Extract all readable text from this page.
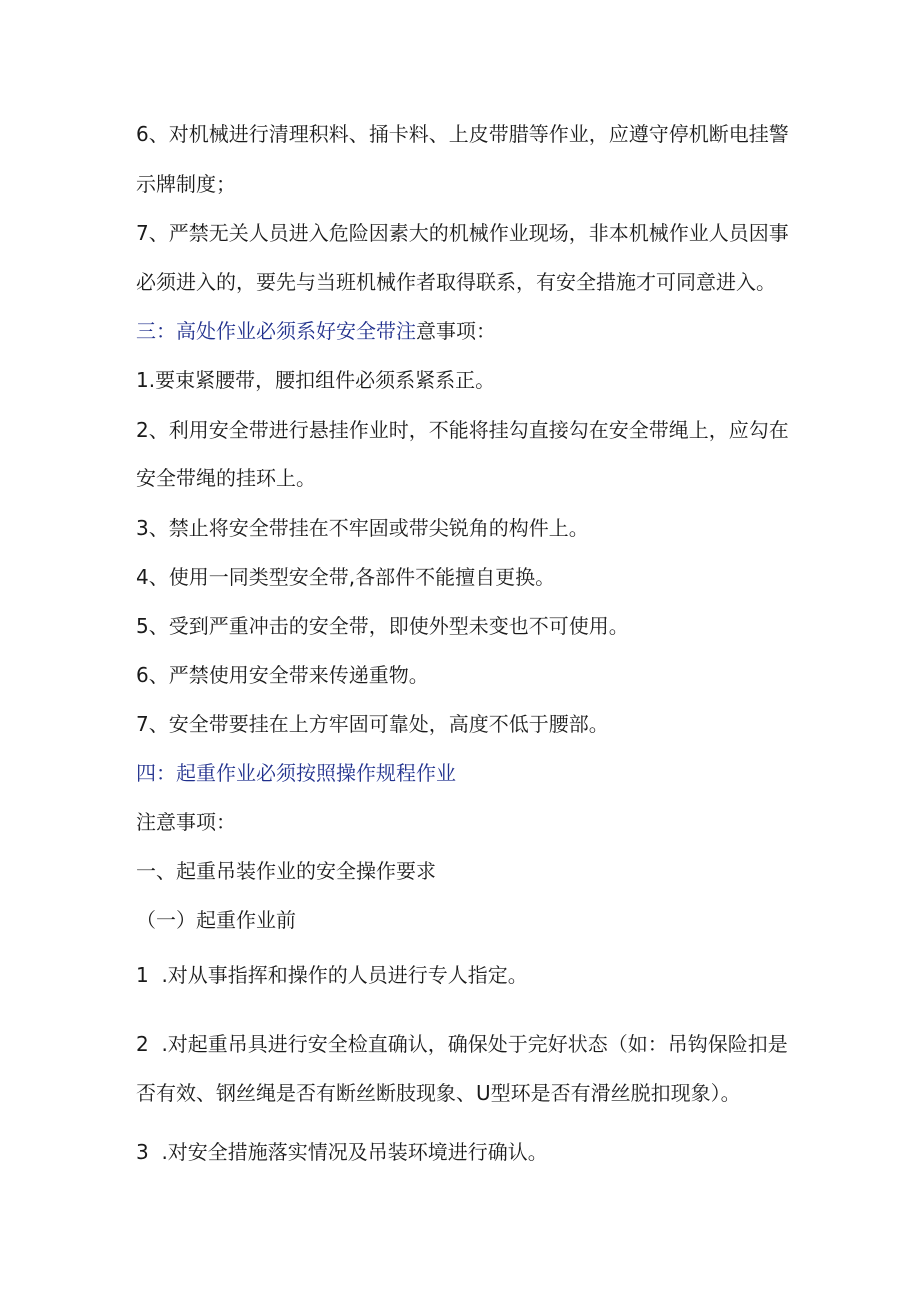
6、对机械进行清理积料、捅卡料、上皮带腊等作业，应遵守停机断电挂警
示牌制度；
7、严禁无关人员进入危险因素大的机械作业现场，非本机械作业人员因事
必须进入的，要先与当班机械作者取得联系，有安全措施才可同意进入。
三：高处作业必须系好安全带注意事项：
1.要束紧腰带，腰扣组件必须系紧系正。
2、利用安全带进行悬挂作业时，不能将挂勾直接勾在安全带绳上，应勾在
安全带绳的挂环上。
3、禁止将安全带挂在不牢固或带尖锐角的构件上。
4、使用一同类型安全带,各部件不能擅自更换。
5、受到严重冲击的安全带，即使外型未变也不可使用。
6、严禁使用安全带来传递重物。
7、安全带要挂在上方牢固可靠处，高度不低于腰部。
四：起重作业必须按照操作规程作业
注意事项：
一、起重吊装作业的安全操作要求
（一）起重作业前
1  .对从事指挥和操作的人员进行专人指定。
2  .对起重吊具进行安全检直确认，确保处于完好状态（如：吊钩保险扣是
否有效、钢丝绳是否有断丝断肢现象、U型环是否有滑丝脱扣现象）。
3  .对安全措施落实情况及吊装环境进行确认。
